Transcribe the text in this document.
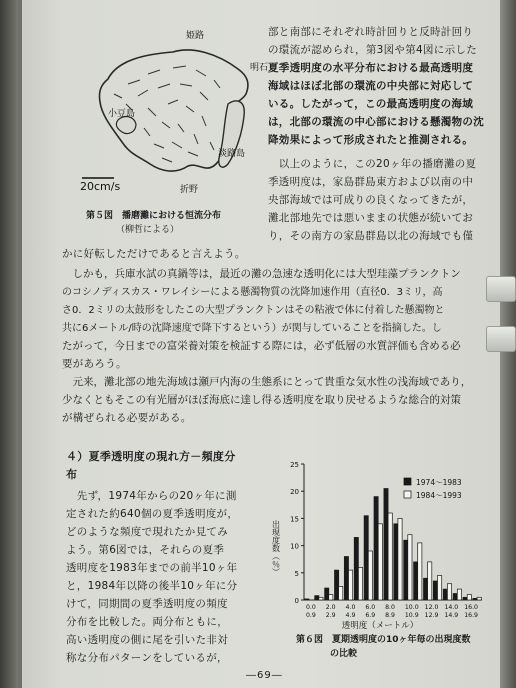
姫路
明石
小豆島
淡路島
折野
20cm/s
第５図　播磨灘における恒流分布
（柳哲による）
部と南部にそれぞれ時計回りと反時計回り
の環流が認められ，第3図や第4図に示した
夏季透明度の水平分布における最高透明度
海域はほぼ北部の環流の中央部に対応して
いる。したがって，この最高透明度の海域
は，北部の環流の中心部における懸濁物の沈
降効果によって形成されたと推測される。
　以上のように，この20ヶ年の播磨灘の夏
季透明度は，家島群島東方および以南の中
央部海域では可成りの良くなってきたが，
灘北部地先では悪いままの状態が続いてお
り，その南方の家島群島以北の海域でも僅
かに好転しただけであると言えよう。
　しかも，兵庫水試の真鍋等は，最近の灘の急速な透明化には大型珪藻プランクトン
のコシノディスカス・ワレイシーによる懸濁物質の沈降加速作用（直径0．3ミリ，高
さ0．2ミリの太鼓形をしたこの大型プランクトンはその粘液で体に付着した懸濁物と
共に6メートル/時の沈降速度で降下するという）が関与していることを指摘した。し
たがって，今日までの富栄養対策を検証する際には，必ず低層の水質評価も含める必
要があろう。
　元来，灘北部の地先海域は瀬戸内海の生態系にとって貴重な気水性の浅海域であり，
少なくともそこの有光層がほぼ海底に達し得る透明度を取り戻せるような総合的対策
が構ぜられる必要がある。
４）夏季透明度の現れ方－頻度分
布
　先ず，1974年からの20ヶ年に測
定された約640個の夏季透明度が，
どのような頻度で現れたか見てみ
よう。第6図では，それらの夏季
透明度を1983年までの前半10ヶ年
と，1984年以降の後半10ヶ年に分
けて，同期間の夏季透明度の頻度
分布を比較した。両分布ともに，
高い透明度の側に尾を引いた非対
称な分布パターンをしているが，
0
5
10
15
20
25
0.0
0.9
2.0
2.9
4.0
4.9
6.0
6.9
8.0
8.9
10.0
10.9
12.0
12.9
14.0
14.9
16.0
16.9
1974～1983
1984～1993
出現度数（％）
透明度（メートル）
第６図　夏期透明度の10ヶ年毎の出現度数
の比較
―69―
